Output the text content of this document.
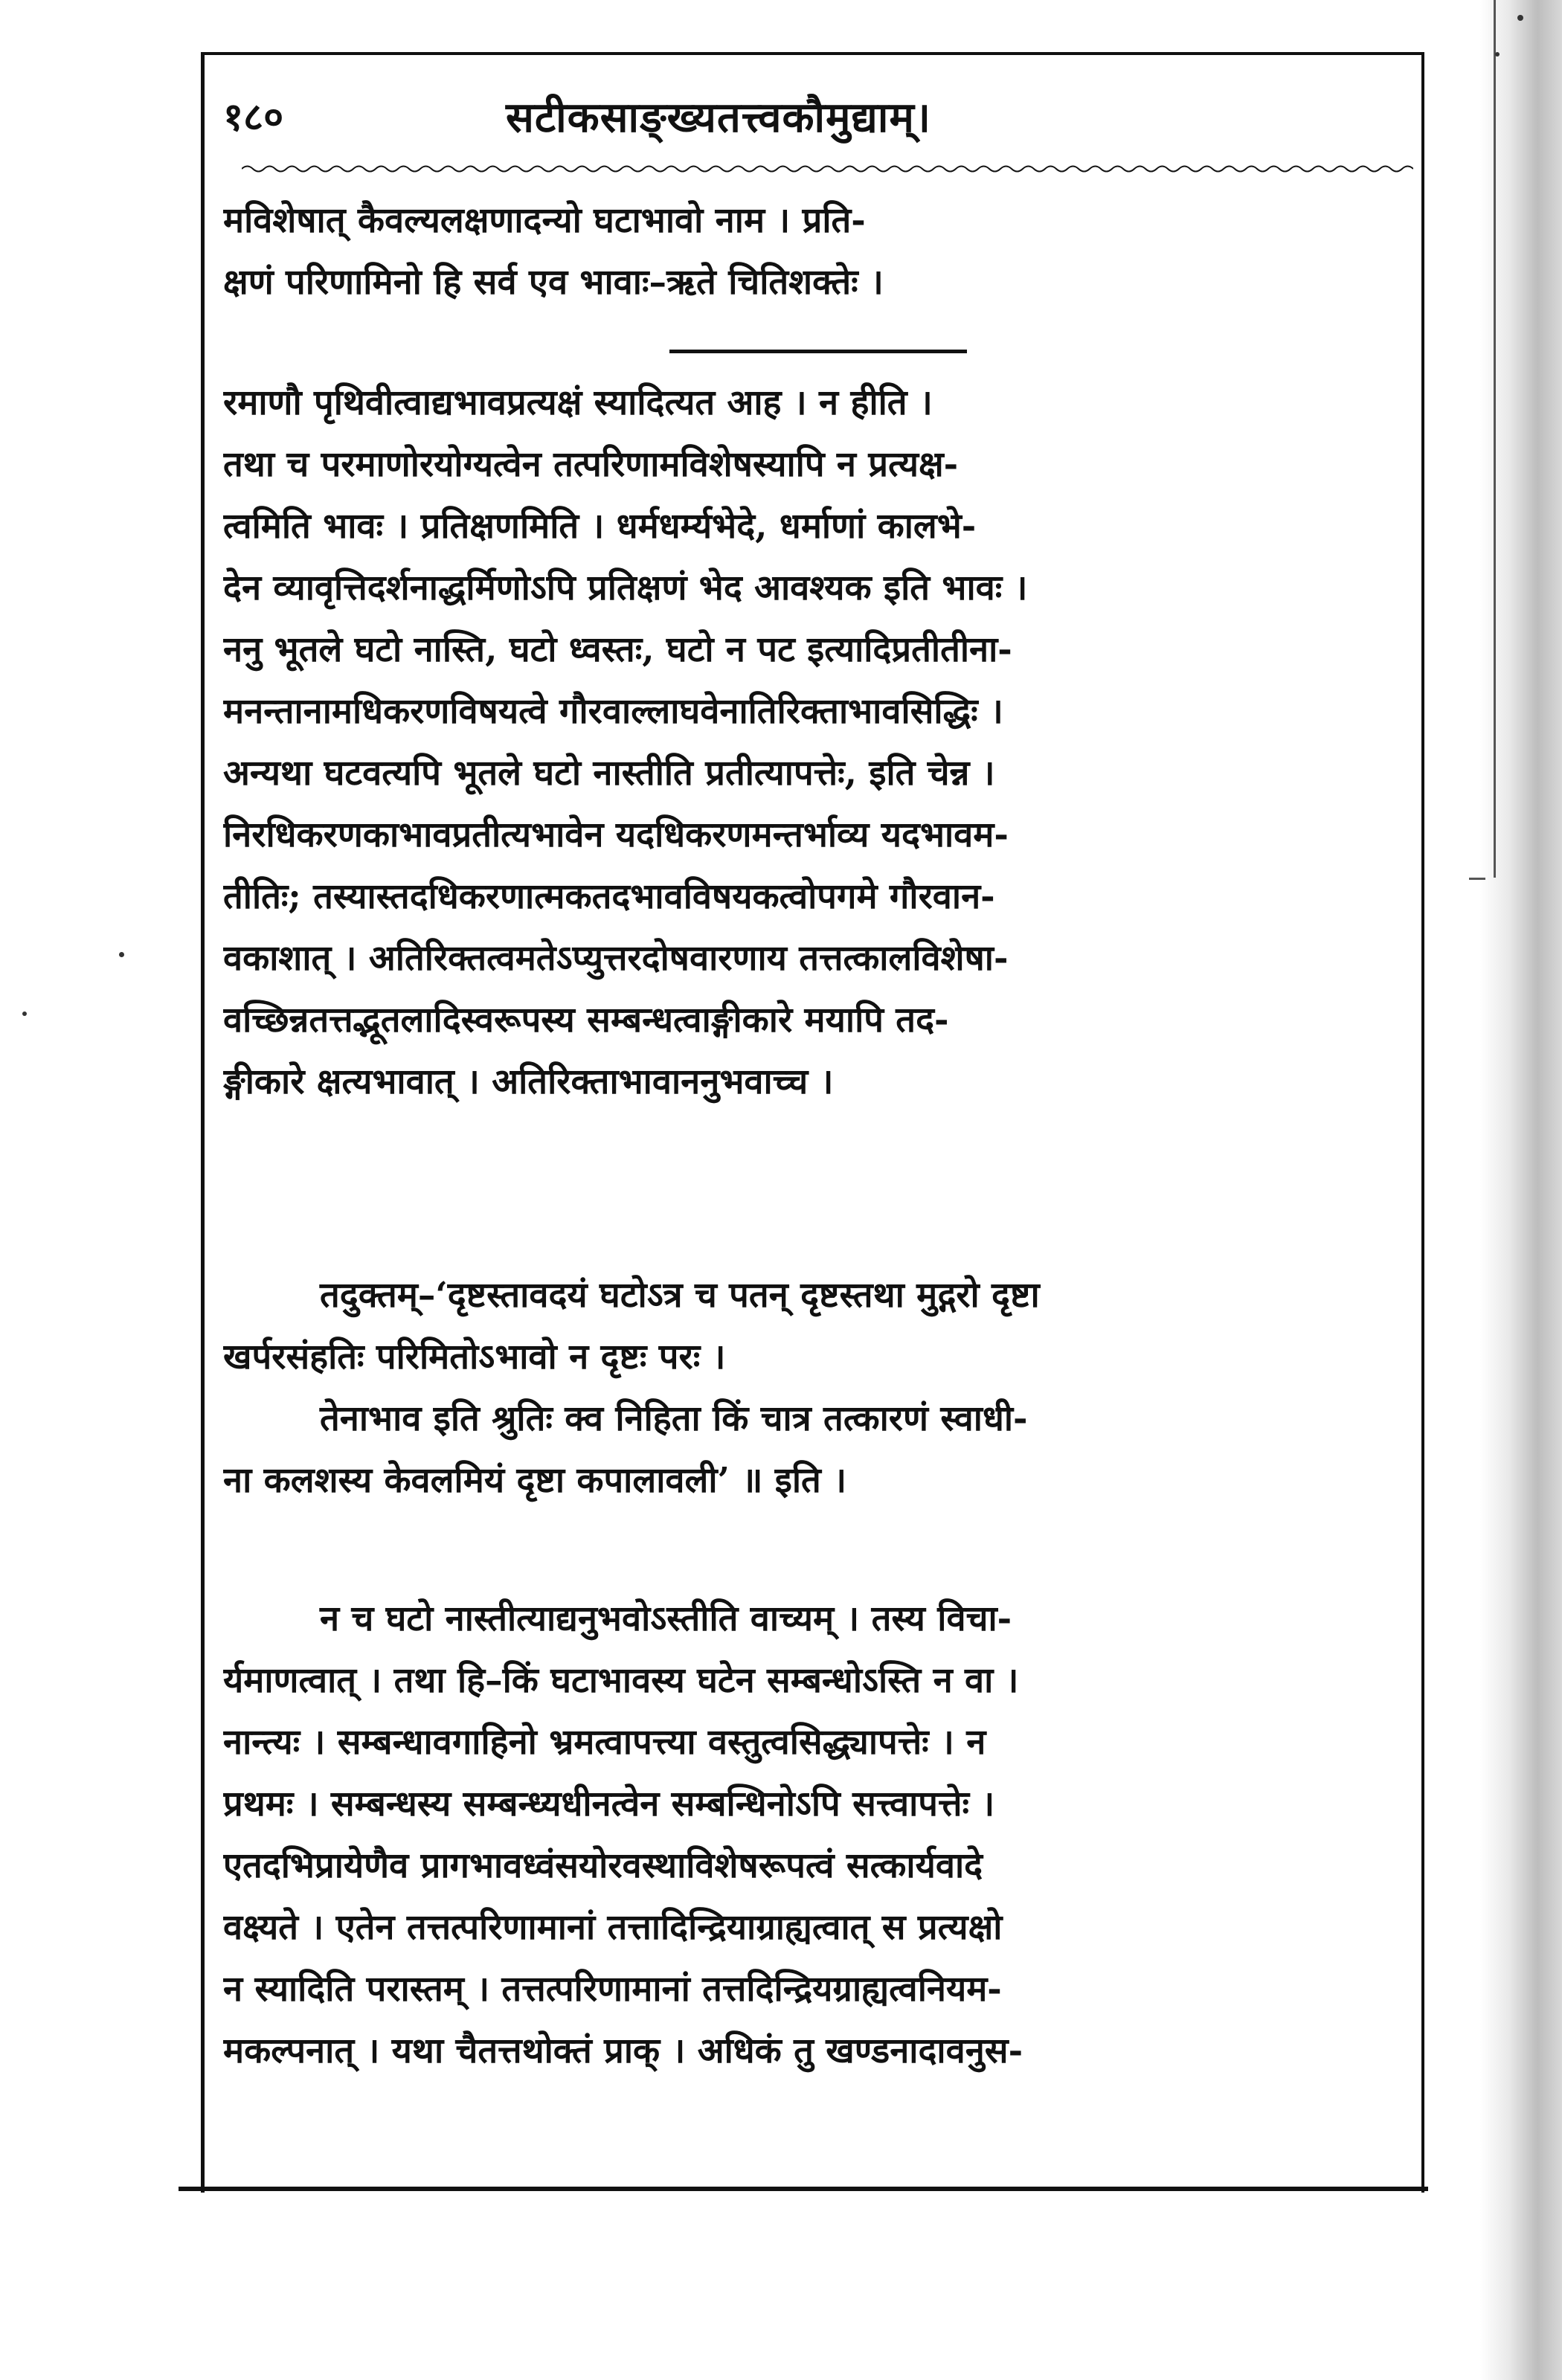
१८०	सटीकसाङ्ख्यतत्त्वकौमुद्याम्।
मविशेषात् कैवल्यलक्षणादन्यो घटाभावो नाम । प्रति-
क्षणं परिणामिनो हि सर्व एव भावाः–ऋते चितिशक्तेः ।
रमाणौ पृथिवीत्वाद्यभावप्रत्यक्षं स्यादित्यत आह । न हीति ।
तथा च परमाणोरयोग्यत्वेन तत्परिणामविशेषस्यापि न प्रत्यक्ष-
त्वमिति भावः । प्रतिक्षणमिति । धर्मधर्म्यभेदे, धर्माणां कालभे-
देन व्यावृत्तिदर्शनाद्धर्मिणोऽपि प्रतिक्षणं भेद आवश्यक इति भावः ।
ननु भूतले घटो नास्ति, घटो ध्वस्तः, घटो न पट इत्यादिप्रतीतीना-
मनन्तानामधिकरणविषयत्वे गौरवाल्लाघवेनातिरिक्ताभावसिद्धिः ।
अन्यथा घटवत्यपि भूतले घटो नास्तीति प्रतीत्यापत्तेः, इति चेन्न ।
निरधिकरणकाभावप्रतीत्यभावेन यदधिकरणमन्तर्भाव्य यदभावम-
तीतिः; तस्यास्तदधिकरणात्मकतदभावविषयकत्वोपगमे गौरवान-
वकाशात् । अतिरिक्तत्वमतेऽप्युत्तरदोषवारणाय तत्तत्कालविशेषा-
वच्छिन्नतत्तद्भूतलादिस्वरूपस्य सम्बन्धत्वाङ्गीकारे मयापि तद-
ङ्गीकारे क्षत्यभावात् । अतिरिक्ताभावाननुभवाच्च ।
तदुक्तम्–‘दृष्टस्तावदयं घटोऽत्र च पतन् दृष्टस्तथा मुद्गरो दृष्टा
खर्परसंहतिः परिमितोऽभावो न दृष्टः परः ।
तेनाभाव इति श्रुतिः क्व निहिता किं चात्र तत्कारणं स्वाधी-
ना कलशस्य केवलमियं दृष्टा कपालावली’ ॥ इति ।
न च घटो नास्तीत्याद्यनुभवोऽस्तीति वाच्यम् । तस्य विचा-
र्यमाणत्वात् । तथा हि–किं घटाभावस्य घटेन सम्बन्धोऽस्ति न वा ।
नान्त्यः । सम्बन्धावगाहिनो भ्रमत्वापत्त्या वस्तुत्वसिद्ध्यापत्तेः । न
प्रथमः । सम्बन्धस्य सम्बन्ध्यधीनत्वेन सम्बन्धिनोऽपि सत्त्वापत्तेः ।
एतदभिप्रायेणैव प्रागभावध्वंसयोरवस्थाविशेषरूपत्वं सत्कार्यवादे
वक्ष्यते । एतेन तत्तत्परिणामानां तत्तादिन्द्रियाग्राह्यत्वात् स प्रत्यक्षो
न स्यादिति परास्तम् । तत्तत्परिणामानां तत्तदिन्द्रियग्राह्यत्वनियम-
मकल्पनात् । यथा चैतत्तथोक्तं प्राक् । अधिकं तु खण्डनादावनुस-
